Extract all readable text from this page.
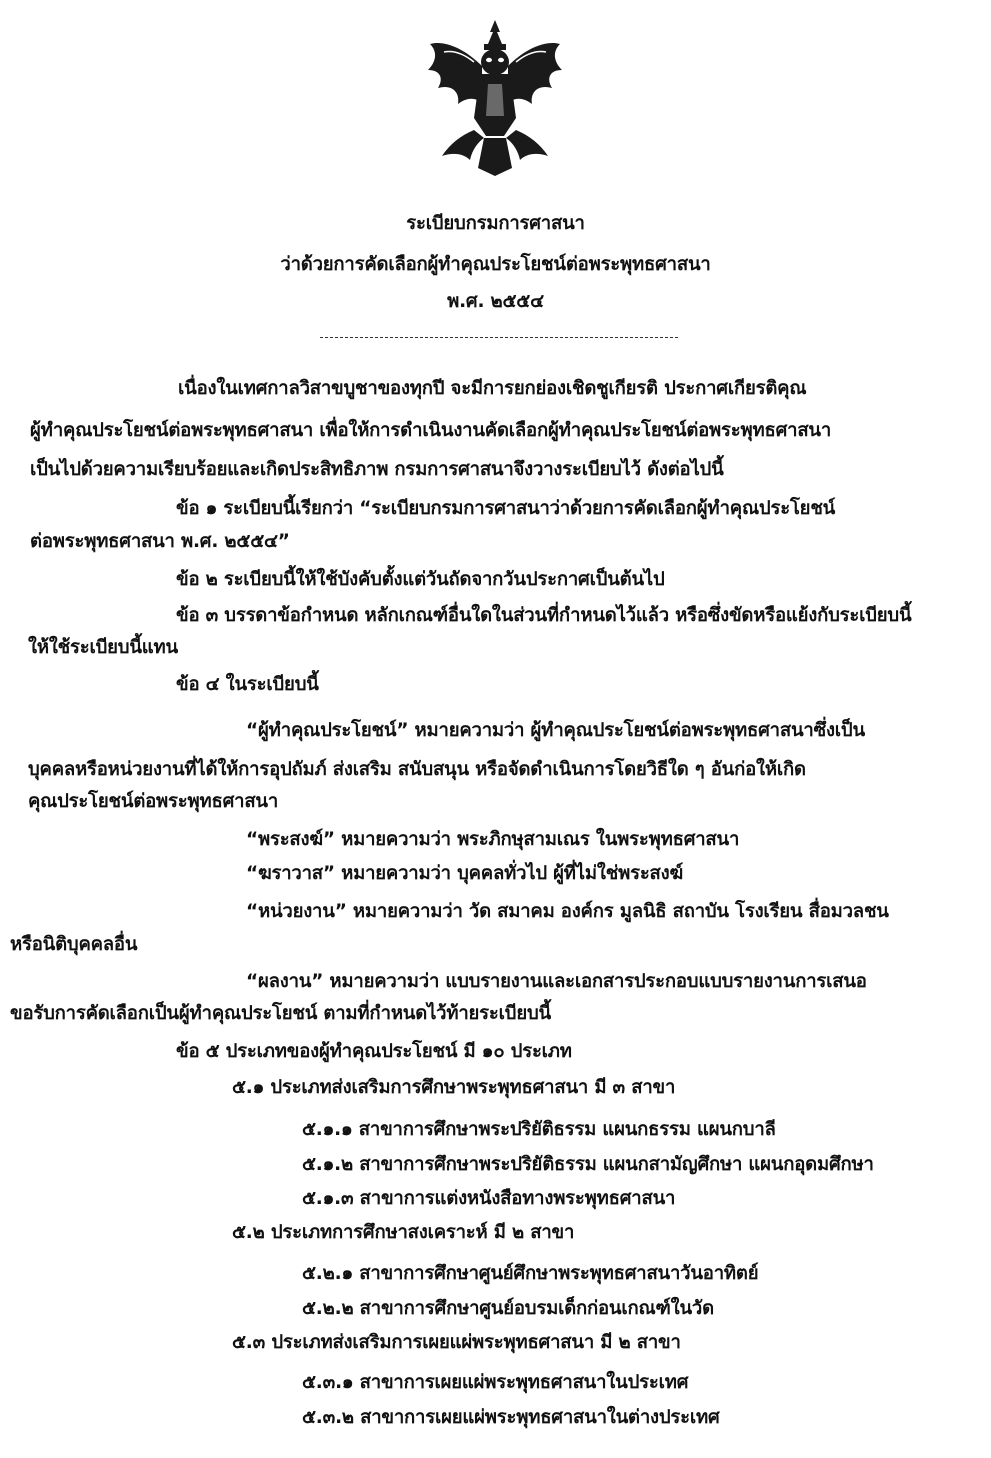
ระเบียบกรมการศาสนา
ว่าด้วยการคัดเลือกผู้ทำคุณประโยชน์ต่อพระพุทธศาสนา
พ.ศ. ๒๕๕๔
เนื่องในเทศกาลวิสาขบูชาของทุกปี จะมีการยกย่องเชิดชูเกียรติ ประกาศเกียรติคุณ
ผู้ทำคุณประโยชน์ต่อพระพุทธศาสนา เพื่อให้การดำเนินงานคัดเลือกผู้ทำคุณประโยชน์ต่อพระพุทธศาสนา
เป็นไปด้วยความเรียบร้อยและเกิดประสิทธิภาพ กรมการศาสนาจึงวางระเบียบไว้ ดังต่อไปนี้
ข้อ ๑ ระเบียบนี้เรียกว่า “ระเบียบกรมการศาสนาว่าด้วยการคัดเลือกผู้ทำคุณประโยชน์
ต่อพระพุทธศาสนา พ.ศ. ๒๕๕๔”
ข้อ ๒ ระเบียบนี้ให้ใช้บังคับตั้งแต่วันถัดจากวันประกาศเป็นต้นไป
ข้อ ๓ บรรดาข้อกำหนด หลักเกณฑ์อื่นใดในส่วนที่กำหนดไว้แล้ว หรือซึ่งขัดหรือแย้งกับระเบียบนี้
ให้ใช้ระเบียบนี้แทน
ข้อ ๔ ในระเบียบนี้
“ผู้ทำคุณประโยชน์” หมายความว่า ผู้ทำคุณประโยชน์ต่อพระพุทธศาสนาซึ่งเป็น
บุคคลหรือหน่วยงานที่ได้ให้การอุปถัมภ์ ส่งเสริม สนับสนุน หรือจัดดำเนินการโดยวิธีใด ๆ อันก่อให้เกิด
คุณประโยชน์ต่อพระพุทธศาสนา
“พระสงฆ์” หมายความว่า พระภิกษุสามเณร ในพระพุทธศาสนา
“ฆราวาส” หมายความว่า บุคคลทั่วไป ผู้ที่ไม่ใช่พระสงฆ์
“หน่วยงาน” หมายความว่า วัด สมาคม องค์กร มูลนิธิ สถาบัน โรงเรียน สื่อมวลชน
หรือนิติบุคคลอื่น
“ผลงาน” หมายความว่า แบบรายงานและเอกสารประกอบแบบรายงานการเสนอ
ขอรับการคัดเลือกเป็นผู้ทำคุณประโยชน์ ตามที่กำหนดไว้ท้ายระเบียบนี้
ข้อ ๕ ประเภทของผู้ทำคุณประโยชน์ มี ๑๐ ประเภท
๕.๑ ประเภทส่งเสริมการศึกษาพระพุทธศาสนา มี ๓ สาขา
๕.๑.๑ สาขาการศึกษาพระปริยัติธรรม แผนกธรรม แผนกบาลี
๕.๑.๒ สาขาการศึกษาพระปริยัติธรรม แผนกสามัญศึกษา แผนกอุดมศึกษา
๕.๑.๓ สาขาการแต่งหนังสือทางพระพุทธศาสนา
๕.๒ ประเภทการศึกษาสงเคราะห์ มี ๒ สาขา
๕.๒.๑ สาขาการศึกษาศูนย์ศึกษาพระพุทธศาสนาวันอาทิตย์
๕.๒.๒ สาขาการศึกษาศูนย์อบรมเด็กก่อนเกณฑ์ในวัด
๕.๓ ประเภทส่งเสริมการเผยแผ่พระพุทธศาสนา มี ๒ สาขา
๕.๓.๑ สาขาการเผยแผ่พระพุทธศาสนาในประเทศ
๕.๓.๒ สาขาการเผยแผ่พระพุทธศาสนาในต่างประเทศ
